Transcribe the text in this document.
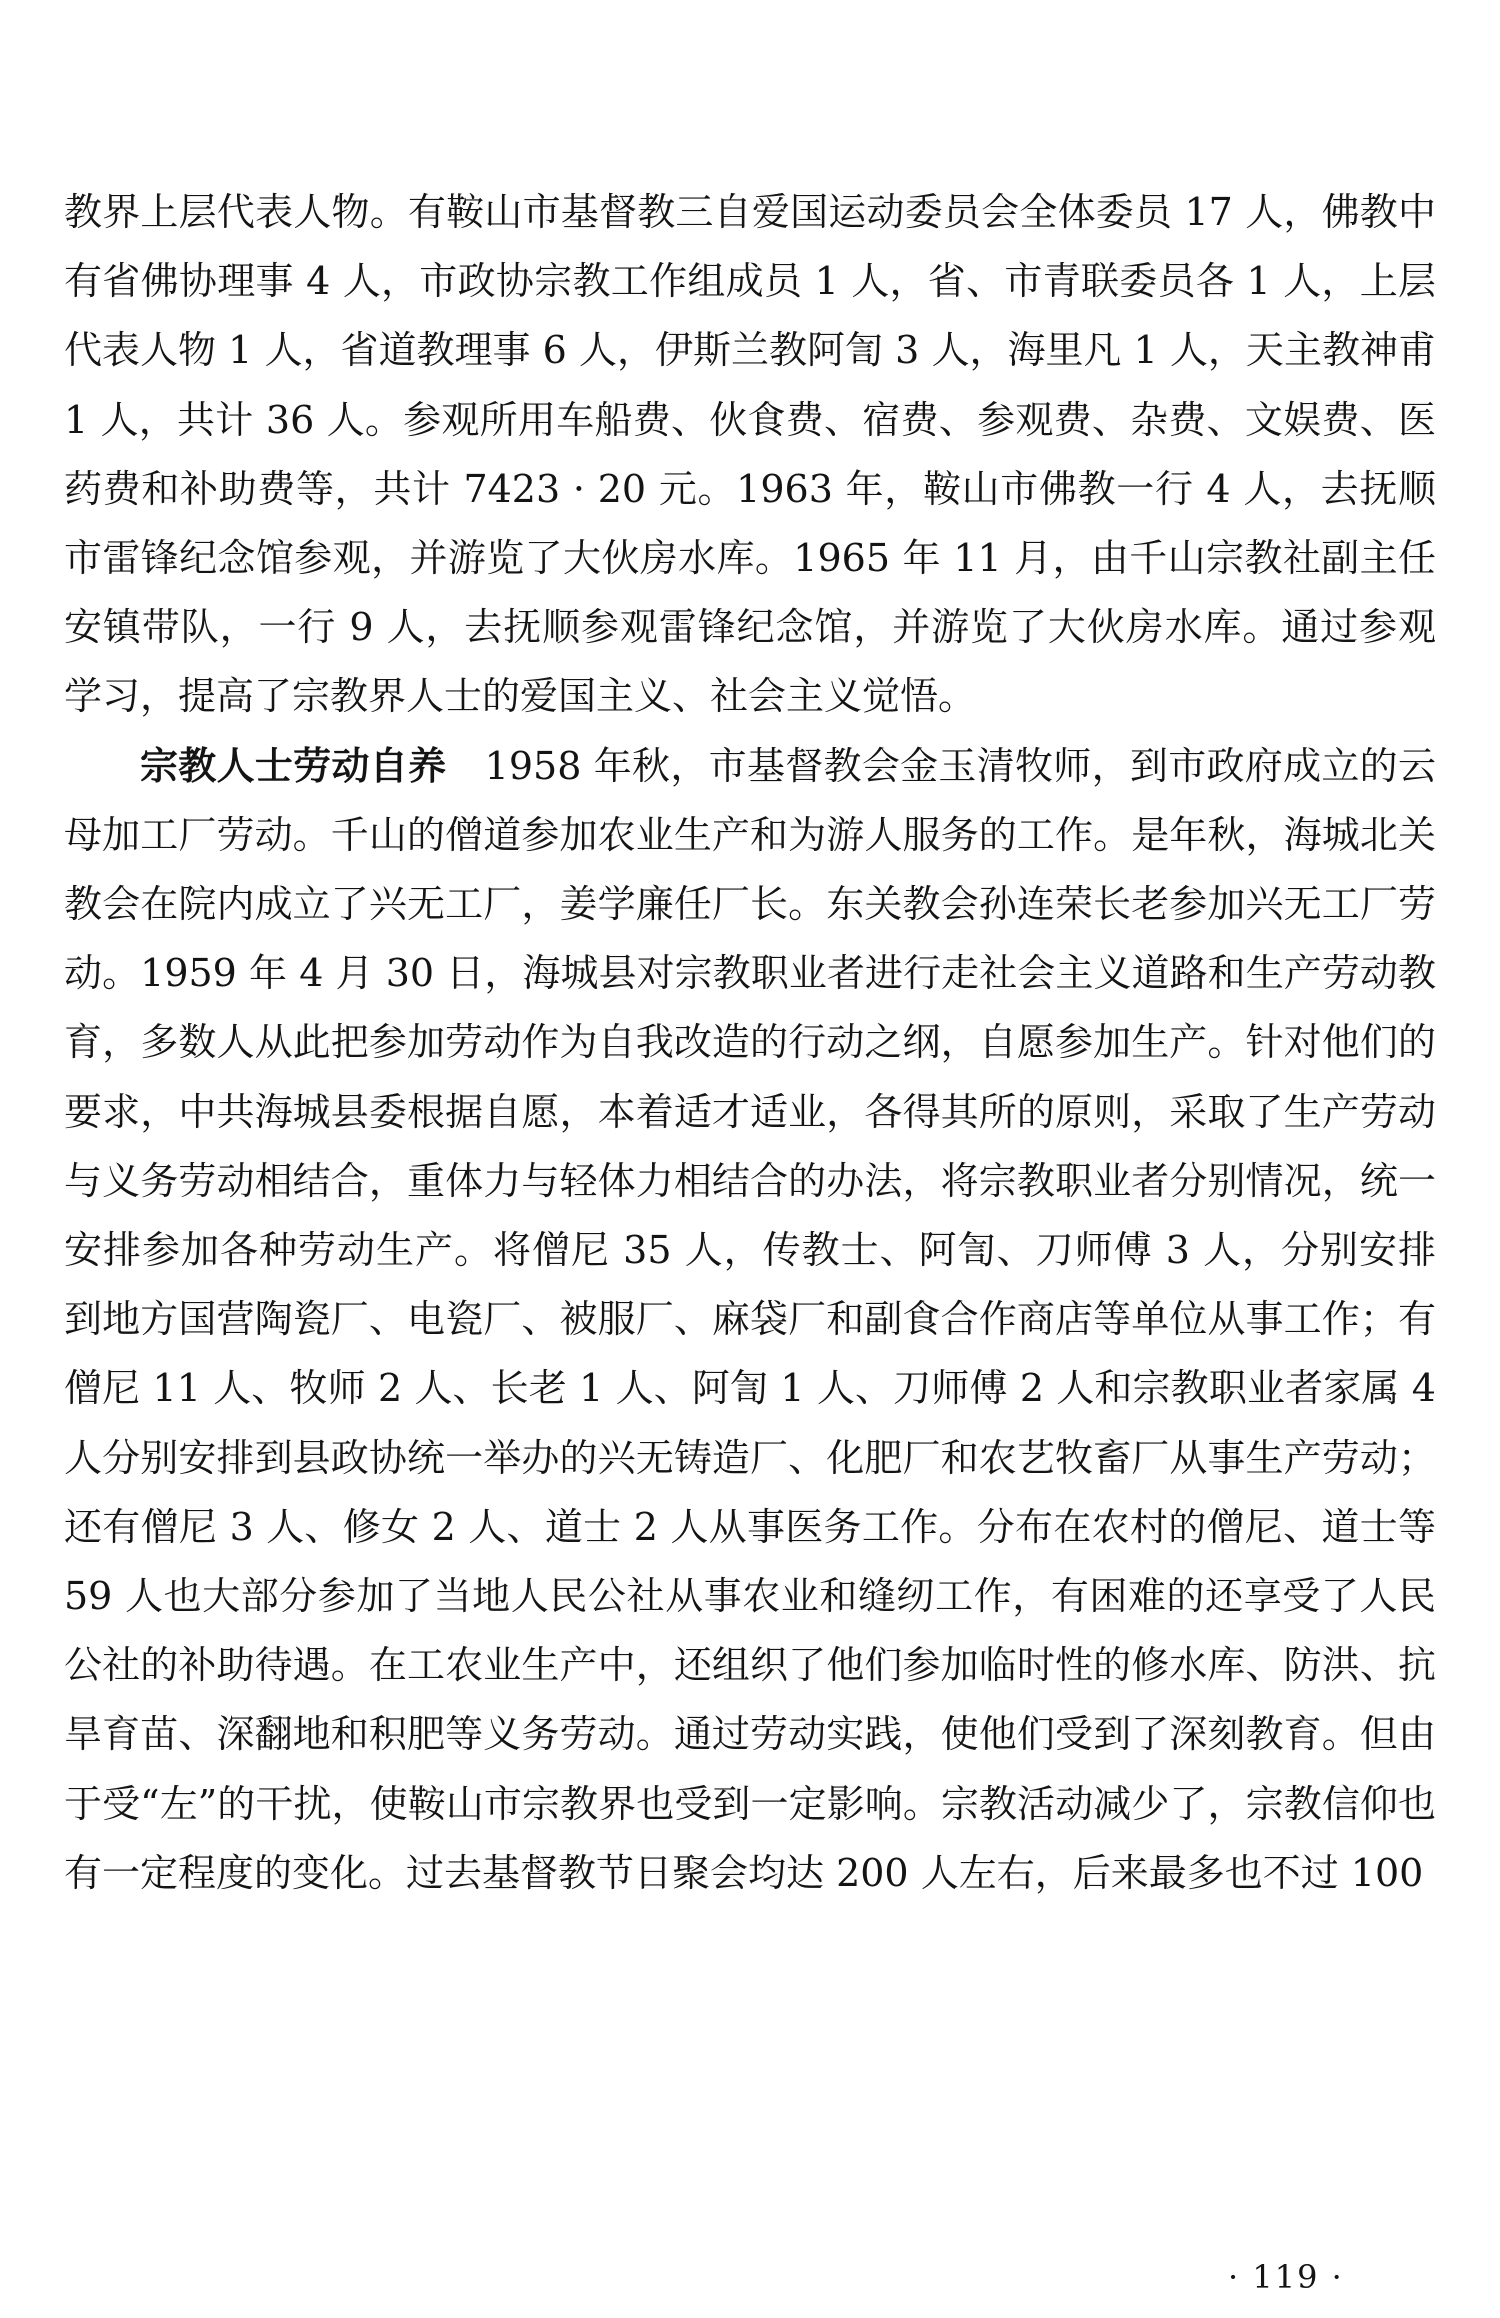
教界上层代表人物。有鞍山市基督教三自爱国运动委员会全体委员 17 人，佛教中有省佛协理事 4 人，市政协宗教工作组成员 1 人，省、市青联委员各 1 人，上层代表人物 1 人，省道教理事 6 人，伊斯兰教阿訇 3 人，海里凡 1 人，天主教神甫 1 人，共计 36 人。参观所用车船费、伙食费、宿费、参观费、杂费、文娱费、医药费和补助费等，共计 7423 · 20 元。1963 年，鞍山市佛教一行 4 人，去抚顺市雷锋纪念馆参观，并游览了大伙房水库。1965 年 11 月，由千山宗教社副主任安镇带队，一行 9 人，去抚顺参观雷锋纪念馆，并游览了大伙房水库。通过参观学习，提高了宗教界人士的爱国主义、社会主义觉悟。

宗教人士劳动自养　 1958 年秋，市基督教会金玉清牧师，到市政府成立的云母加工厂劳动。千山的僧道参加农业生产和为游人服务的工作。是年秋，海城北关教会在院内成立了兴无工厂，姜学廉任厂长。东关教会孙连荣长老参加兴无工厂劳动。1959 年 4 月 30 日，海城县对宗教职业者进行走社会主义道路和生产劳动教育，多数人从此把参加劳动作为自我改造的行动之纲，自愿参加生产。针对他们的要求，中共海城县委根据自愿，本着适才适业，各得其所的原则，采取了生产劳动与义务劳动相结合，重体力与轻体力相结合的办法，将宗教职业者分别情况，统一安排参加各种劳动生产。将僧尼 35 人，传教士、阿訇、刀师傅 3 人，分别安排到地方国营陶瓷厂、电瓷厂、被服厂、麻袋厂和副食合作商店等单位从事工作；有僧尼 11 人、牧师 2 人、长老 1 人、阿訇 1 人、刀师傅 2 人和宗教职业者家属 4 人分别安排到县政协统一举办的兴无铸造厂、化肥厂和农艺牧畜厂从事生产劳动；还有僧尼 3 人、修女 2 人、道士 2 人从事医务工作。分布在农村的僧尼、道士等 59 人也大部分参加了当地人民公社从事农业和缝纫工作，有困难的还享受了人民公社的补助待遇。在工农业生产中，还组织了他们参加临时性的修水库、防洪、抗旱育苗、深翻地和积肥等义务劳动。通过劳动实践，使他们受到了深刻教育。但由于受“左”的干扰，使鞍山市宗教界也受到一定影响。宗教活动减少了，宗教信仰也有一定程度的变化。过去基督教节日聚会均达 200 人左右，后来最多也不过 100

· 119 ·
